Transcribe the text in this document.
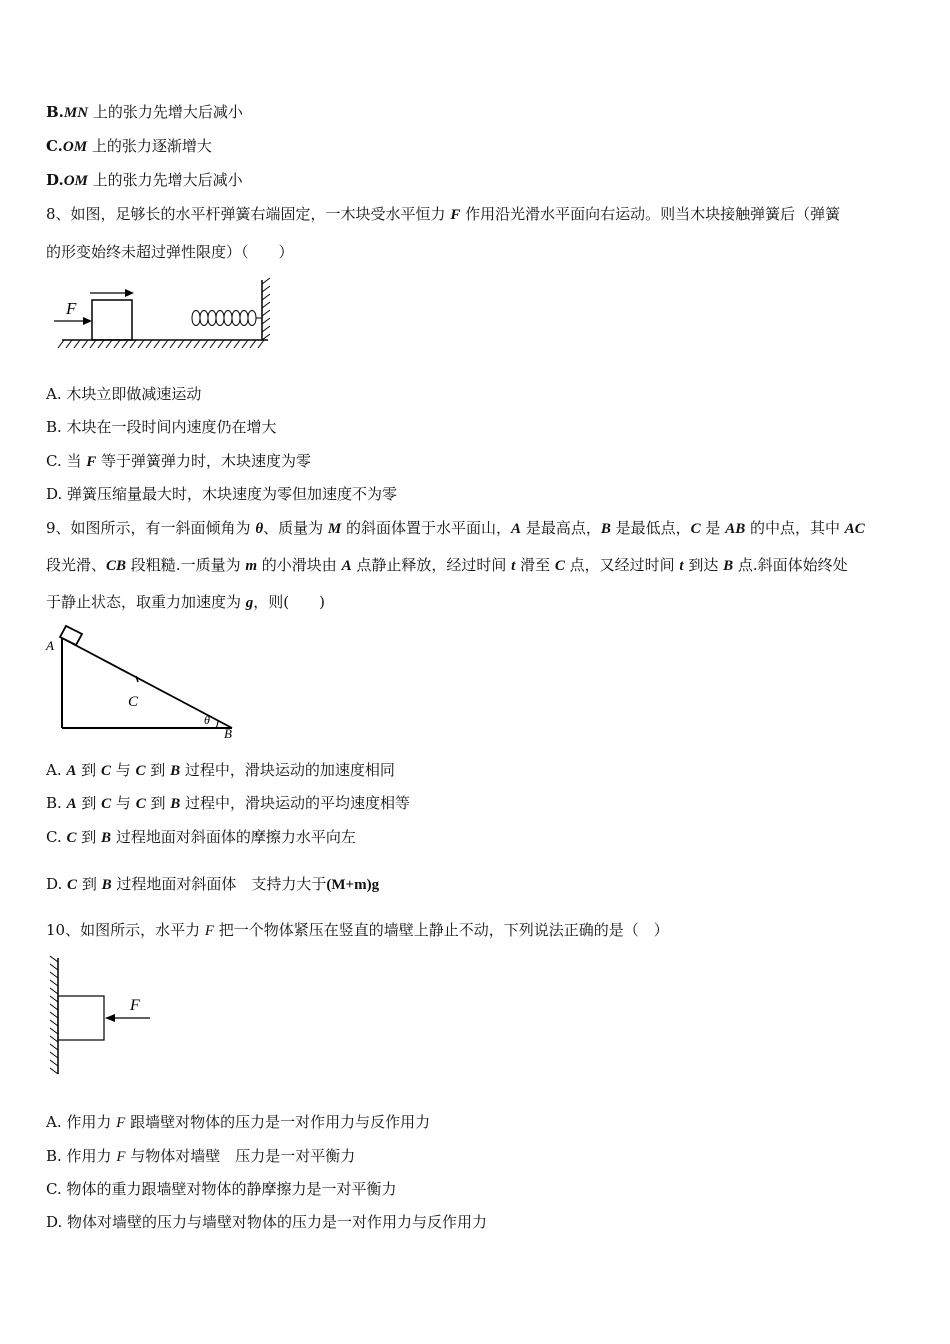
B.MN 上的张力先增大后减小
C.OM 上的张力逐渐增大
D.OM 上的张力先增大后减小
8、如图，足够长的水平杆弹簧右端固定，一木块受水平恒力 F 作用沿光滑水平面向右运动。则当木块接触弹簧后（弹簧
的形变始终未超过弹性限度）（　　）
F
A. 木块立即做减速运动
B. 木块在一段时间内速度仍在增大
C. 当 F 等于弹簧弹力时，木块速度为零
D. 弹簧压缩量最大时，木块速度为零但加速度不为零
9、如图所示，有一斜面倾角为 θ、质量为 M 的斜面体置于水平面山，A 是最高点，B 是最低点，C 是 AB 的中点，其中 AC
段光滑、CB 段粗糙.一质量为 m 的小滑块由 A 点静止释放，经过时间 t 滑至 C 点，又经过时间 t 到达 B 点.斜面体始终处
于静止状态，取重力加速度为 g，则(　　)
A
C
θ
B
A. A 到 C 与 C 到 B 过程中，滑块运动的加速度相同
B. A 到 C 与 C 到 B 过程中，滑块运动的平均速度相等
C. C 到 B 过程地面对斜面体的摩擦力水平向左
D. C 到 B 过程地面对斜面体　支持力大于(M+m)g
10、如图所示，水平力 F 把一个物体紧压在竖直的墙壁上静止不动，下列说法正确的是（　）
F
A. 作用力 F 跟墙壁对物体的压力是一对作用力与反作用力
B. 作用力 F 与物体对墙壁　压力是一对平衡力
C. 物体的重力跟墙壁对物体的静摩擦力是一对平衡力
D. 物体对墙壁的压力与墙壁对物体的压力是一对作用力与反作用力
